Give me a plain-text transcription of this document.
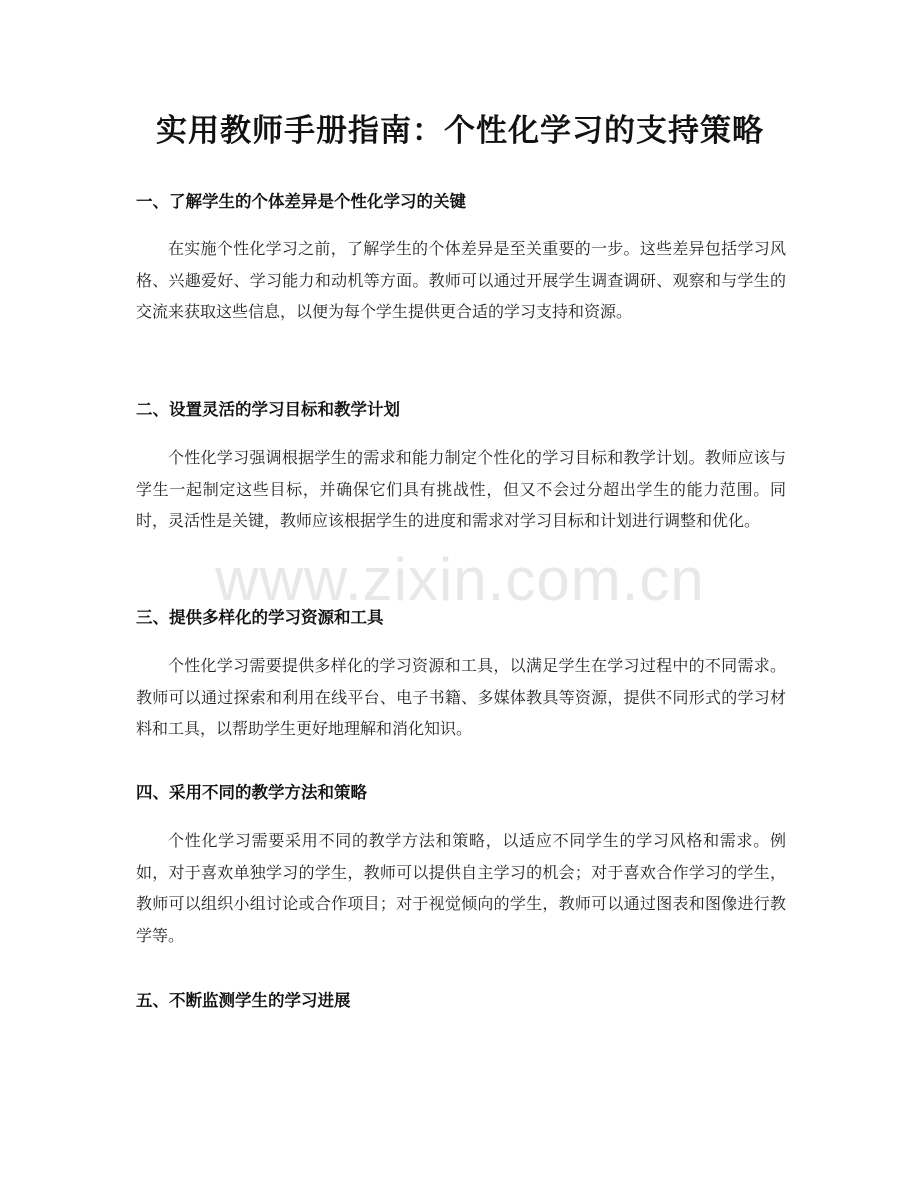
实用教师手册指南：个性化学习的支持策略
一、了解学生的个体差异是个性化学习的关键

在实施个性化学习之前，了解学生的个体差异是至关重要的一步。这些差异包括学习风格、兴趣爱好、学习能力和动机等方面。教师可以通过开展学生调查调研、观察和与学生的交流来获取这些信息，以便为每个学生提供更合适的学习支持和资源。

二、设置灵活的学习目标和教学计划

个性化学习强调根据学生的需求和能力制定个性化的学习目标和教学计划。教师应该与学生一起制定这些目标，并确保它们具有挑战性，但又不会过分超出学生的能力范围。同时，灵活性是关键，教师应该根据学生的进度和需求对学习目标和计划进行调整和优化。

三、提供多样化的学习资源和工具

个性化学习需要提供多样化的学习资源和工具，以满足学生在学习过程中的不同需求。教师可以通过探索和利用在线平台、电子书籍、多媒体教具等资源，提供不同形式的学习材料和工具，以帮助学生更好地理解和消化知识。

四、采用不同的教学方法和策略

个性化学习需要采用不同的教学方法和策略，以适应不同学生的学习风格和需求。例如，对于喜欢单独学习的学生，教师可以提供自主学习的机会；对于喜欢合作学习的学生，教师可以组织小组讨论或合作项目；对于视觉倾向的学生，教师可以通过图表和图像进行教学等。

五、不断监测学生的学习进展
www.zixin.com.cn
